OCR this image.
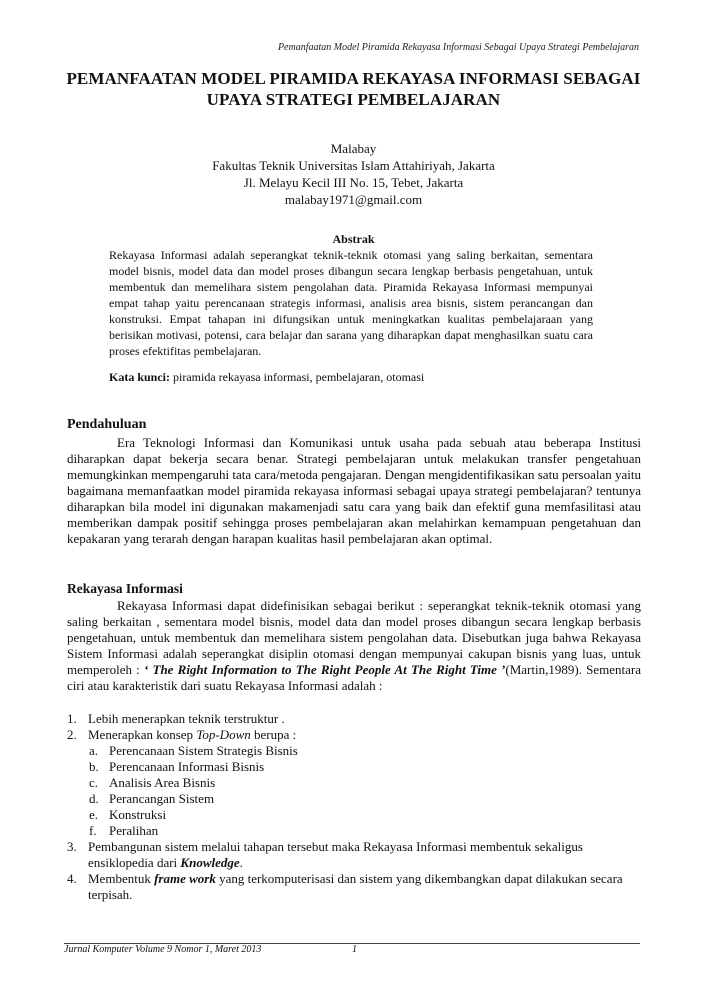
Pemanfaatan Model Piramida Rekayasa Informasi Sebagai Upaya Strategi Pembelajaran
PEMANFAATAN MODEL PIRAMIDA REKAYASA INFORMASI SEBAGAI
UPAYA STRATEGI PEMBELAJARAN
Malabay
Fakultas Teknik Universitas Islam Attahiriyah, Jakarta
Jl. Melayu Kecil III No. 15, Tebet, Jakarta
malabay1971@gmail.com
Abstrak
Rekayasa Informasi adalah seperangkat teknik-teknik otomasi yang saling berkaitan, sementara model bisnis, model data dan model proses dibangun secara lengkap berbasis pengetahuan, untuk membentuk dan memelihara sistem pengolahan data. Piramida Rekayasa Informasi mempunyai empat tahap yaitu perencanaan strategis informasi, analisis area bisnis, sistem perancangan dan konstruksi. Empat tahapan ini difungsikan untuk meningkatkan kualitas pembelajaraan yang berisikan motivasi, potensi, cara belajar dan sarana yang diharapkan dapat menghasilkan suatu cara proses efektifitas pembelajaran.
Kata kunci: piramida rekayasa informasi, pembelajaran, otomasi
Pendahuluan
Era Teknologi Informasi dan Komunikasi untuk usaha pada sebuah atau beberapa Institusi diharapkan dapat bekerja secara benar. Strategi pembelajaran untuk melakukan transfer pengetahuan memungkinkan mempengaruhi tata cara/metoda pengajaran. Dengan mengidentifikasikan satu persoalan yaitu bagaimana memanfaatkan model piramida rekayasa informasi sebagai upaya strategi pembelajaran? tentunya diharapkan bila model ini digunakan makamenjadi satu cara yang baik dan efektif guna memfasilitasi atau memberikan dampak positif sehingga proses pembelajaran akan melahirkan kemampuan pengetahuan dan kepakaran yang terarah dengan harapan kualitas hasil pembelajaran akan optimal.
Rekayasa Informasi
Rekayasa Informasi dapat didefinisikan sebagai berikut : seperangkat teknik-teknik otomasi yang saling berkaitan , sementara model bisnis, model data dan model proses dibangun secara lengkap berbasis pengetahuan, untuk membentuk dan memelihara sistem pengolahan data. Disebutkan juga bahwa Rekayasa Sistem Informasi adalah seperangkat disiplin otomasi dengan mempunyai cakupan bisnis yang luas, untuk memperoleh : ‘ The Right Information to The Right People At The Right Time ’(Martin,1989). Sementara ciri atau karakteristik dari suatu Rekayasa Informasi adalah :
1. Lebih menerapkan teknik terstruktur .
2. Menerapkan konsep Top-Down berupa :
a. Perencanaan Sistem Strategis Bisnis
b. Perencanaan Informasi Bisnis
c. Analisis Area Bisnis
d. Perancangan Sistem
e. Konstruksi
f. Peralihan
3. Pembangunan sistem melalui tahapan tersebut maka Rekayasa Informasi membentuk sekaligus ensiklopedia dari Knowledge.
4. Membentuk frame work yang terkomputerisasi dan sistem yang dikembangkan dapat dilakukan secara terpisah.
Jurnal Komputer Volume 9 Nomor 1, Maret 2013	1
